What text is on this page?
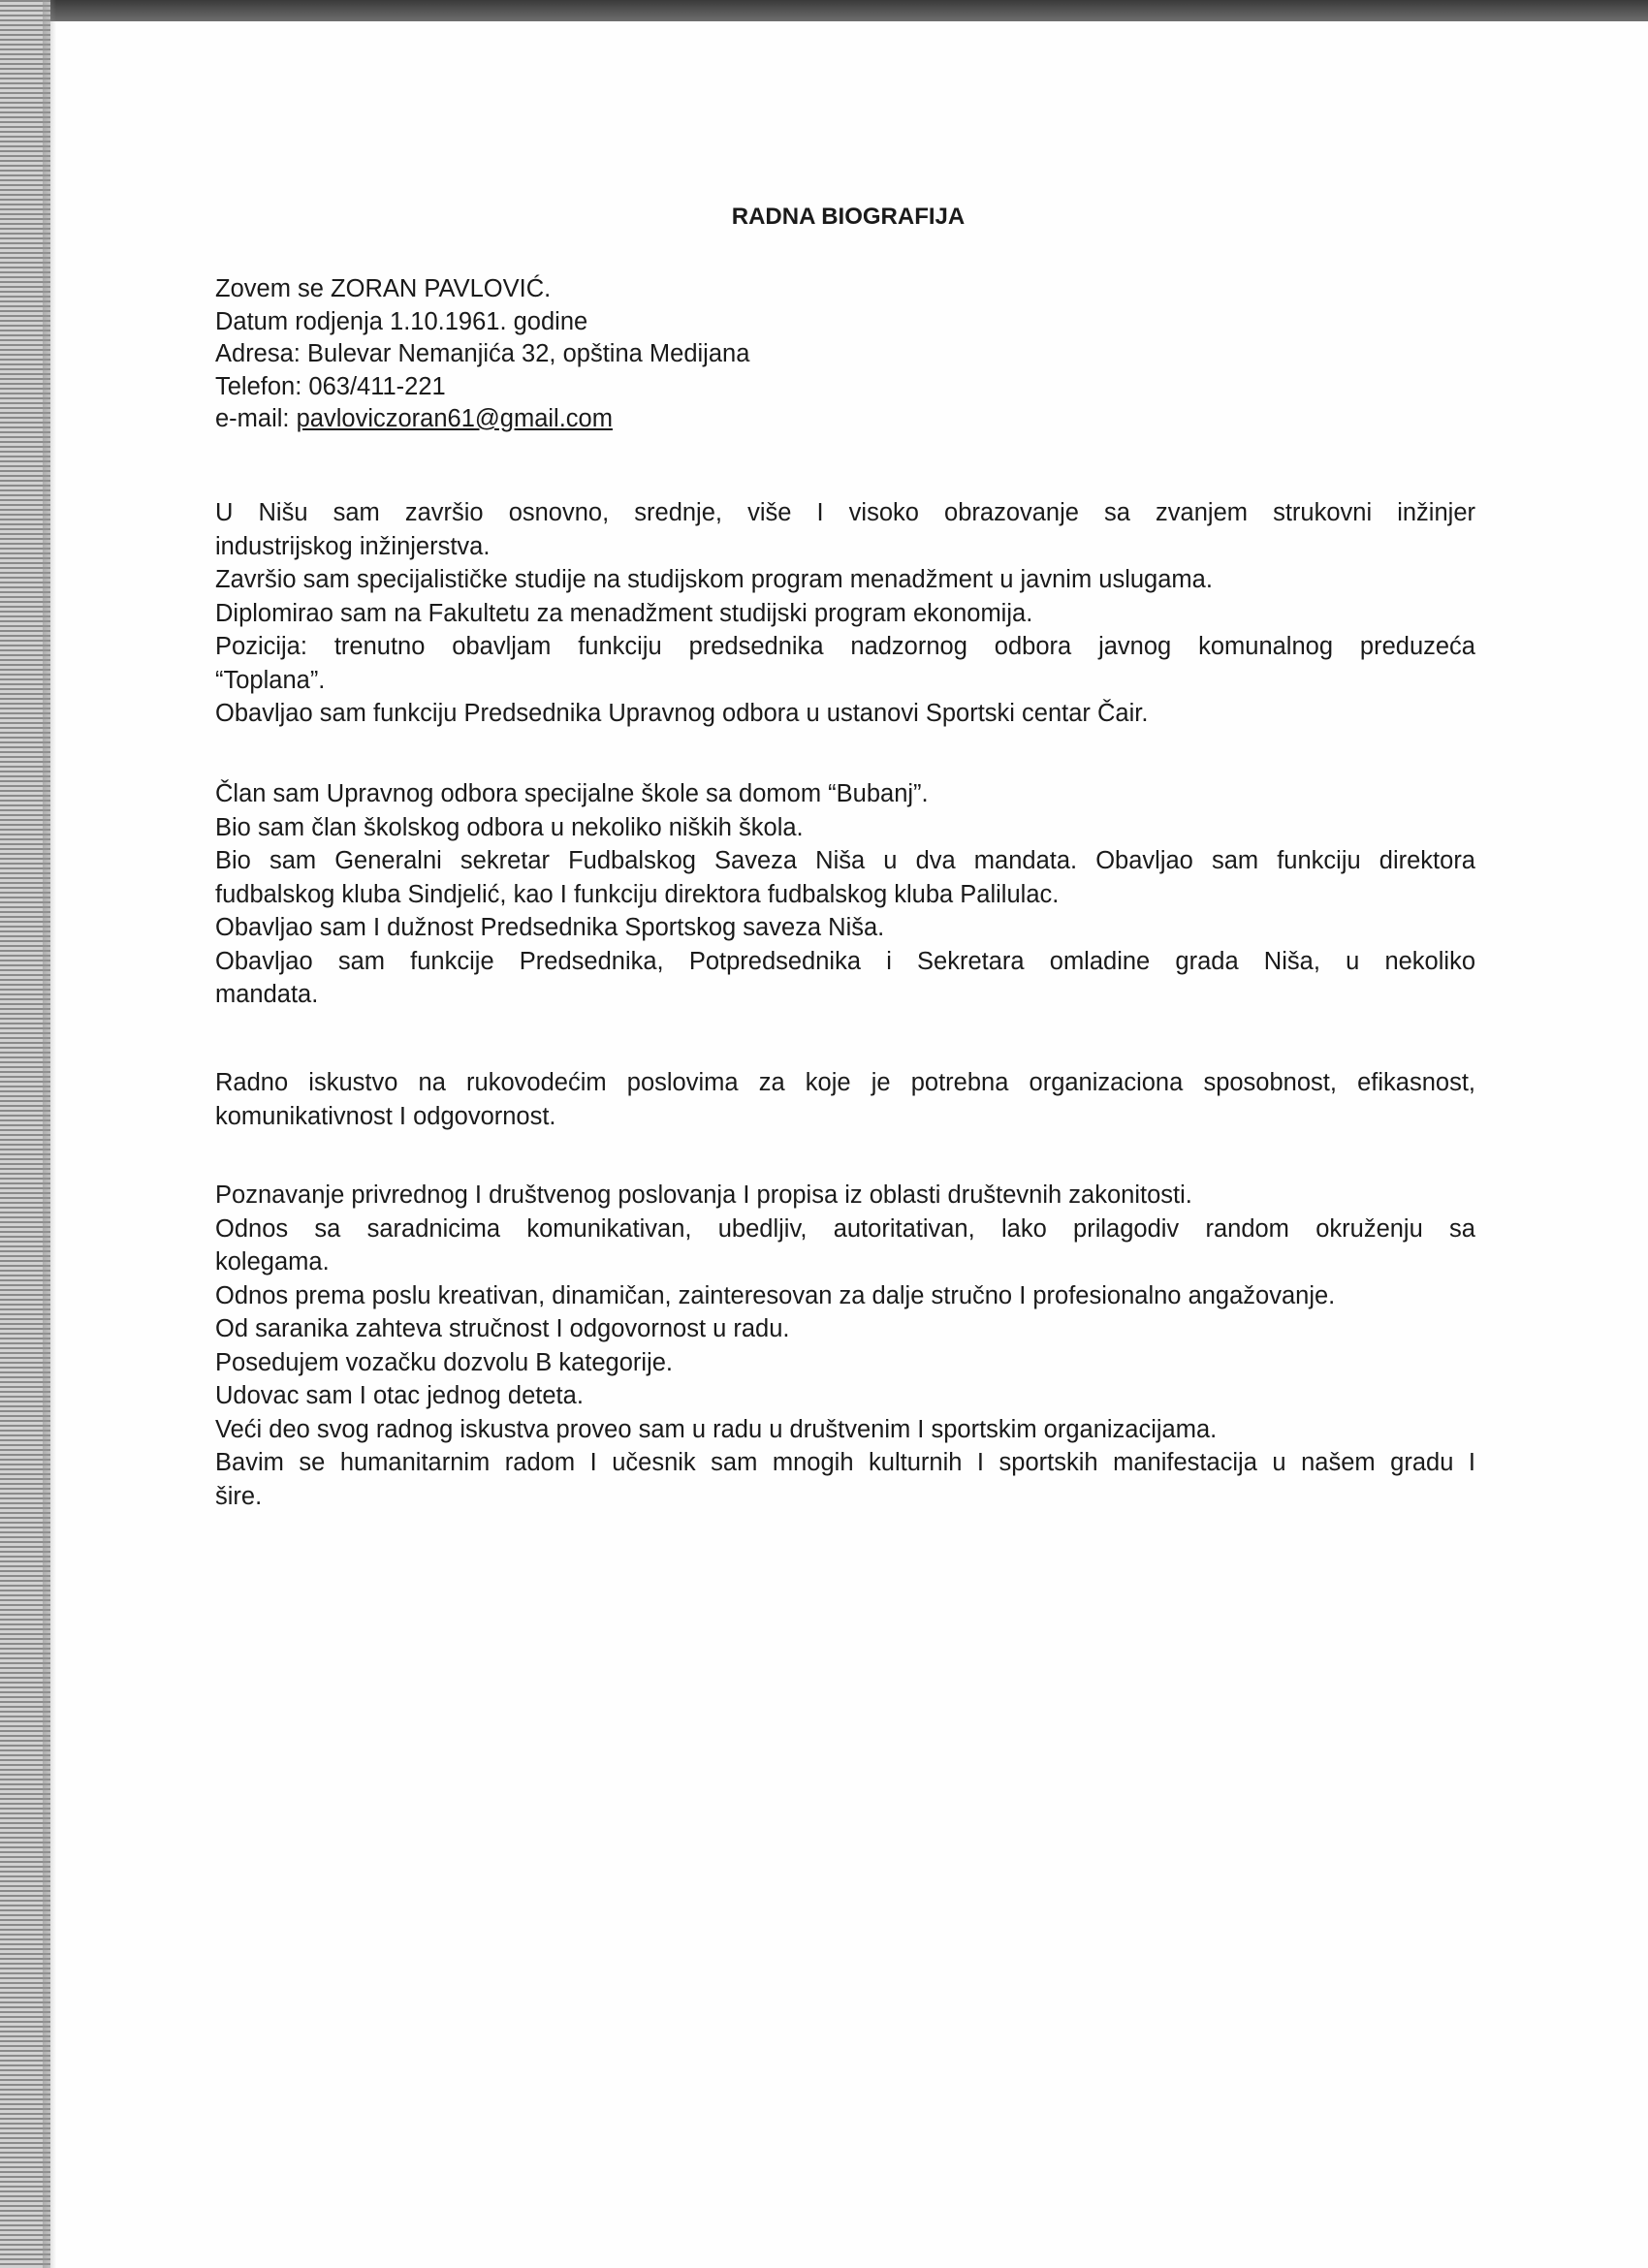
RADNA BIOGRAFIJA
Zovem se ZORAN PAVLOVIĆ.
Datum rodjenja 1.10.1961. godine
Adresa: Bulevar Nemanjića 32, opština Medijana
Telefon: 063/411-221
e-mail: pavloviczoran61@gmail.com
U Nišu sam završio osnovno, srednje, više I visoko obrazovanje sa zvanjem strukovni inžinjer
industrijskog inžinjerstva.
Završio sam specijalističke studije na studijskom program menadžment u javnim uslugama.
Diplomirao sam na Fakultetu za menadžment studijski program ekonomija.
Pozicija: trenutno obavljam funkciju predsednika nadzornog odbora javnog komunalnog preduzeća
“Toplana”.
Obavljao sam funkciju Predsednika Upravnog odbora u ustanovi Sportski centar Čair.
Član sam Upravnog odbora specijalne škole sa domom “Bubanj”.
Bio sam član školskog odbora u nekoliko niških škola.
Bio sam Generalni sekretar Fudbalskog Saveza Niša u dva mandata. Obavljao sam funkciju direktora
fudbalskog kluba Sindjelić, kao I funkciju direktora fudbalskog kluba Palilulac.
Obavljao sam I dužnost Predsednika Sportskog saveza Niša.
Obavljao sam funkcije Predsednika, Potpredsednika i Sekretara omladine grada Niša, u nekoliko
mandata.
Radno iskustvo na rukovodećim poslovima za koje je potrebna organizaciona sposobnost, efikasnost,
komunikativnost I odgovornost.
Poznavanje privrednog I društvenog poslovanja I propisa iz oblasti društevnih zakonitosti.
Odnos sa saradnicima komunikativan, ubedljiv, autoritativan, lako prilagodiv random okruženju sa
kolegama.
Odnos prema poslu kreativan, dinamičan, zainteresovan za dalje stručno I profesionalno angažovanje.
Od saranika zahteva stručnost I odgovornost u radu.
Posedujem vozačku dozvolu B kategorije.
Udovac sam I otac jednog deteta.
Veći deo svog radnog iskustva proveo sam u radu u društvenim I sportskim organizacijama.
Bavim se humanitarnim radom I učesnik sam mnogih kulturnih I sportskih manifestacija u našem gradu I
šire.
